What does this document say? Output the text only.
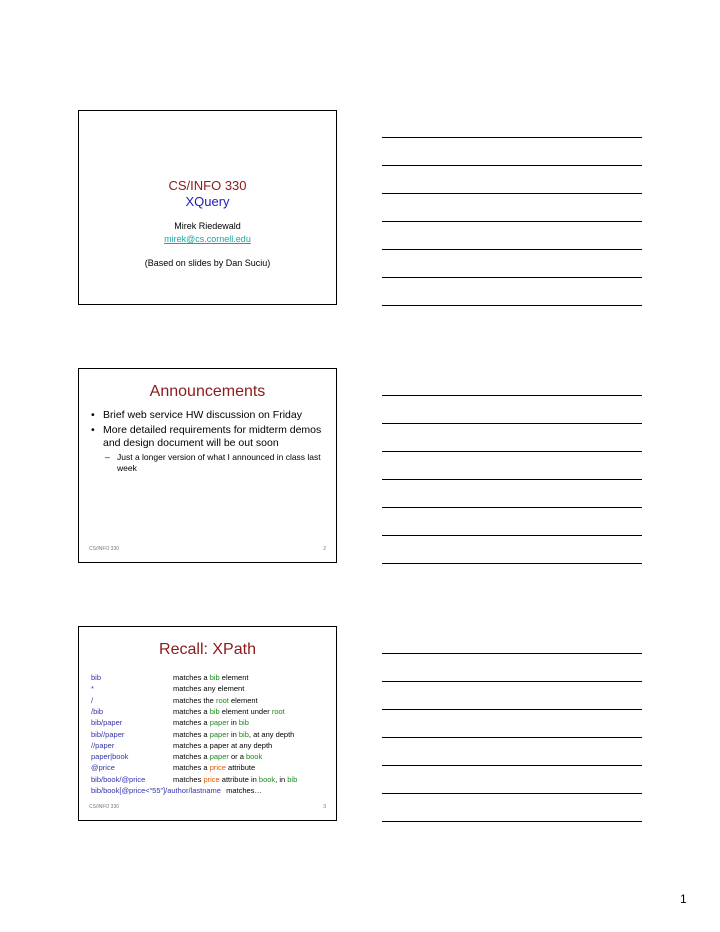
CS/INFO 330
XQuery
Mirek Riedewald
mirek@cs.cornell.edu
(Based on slides by Dan Suciu)
Announcements
• Brief web service HW discussion on Friday
• More detailed requirements for midterm demos and design document will be out soon
– Just a longer version of what I announced in class last week
CS/INFO 330	2
Recall: XPath
bib	matches a bib element
*	matches any element
/	matches the root element
/bib	matches a bib element under root
bib/paper	matches a paper in bib
bib//paper	matches a paper in bib, at any depth
//paper	matches a paper at any depth
paper|book	matches a paper or a book
@price	matches a price attribute
bib/book/@price	matches price attribute in book, in bib
bib/book[@price<“55”]/author/lastname matches…
CS/INFO 330	3
1
